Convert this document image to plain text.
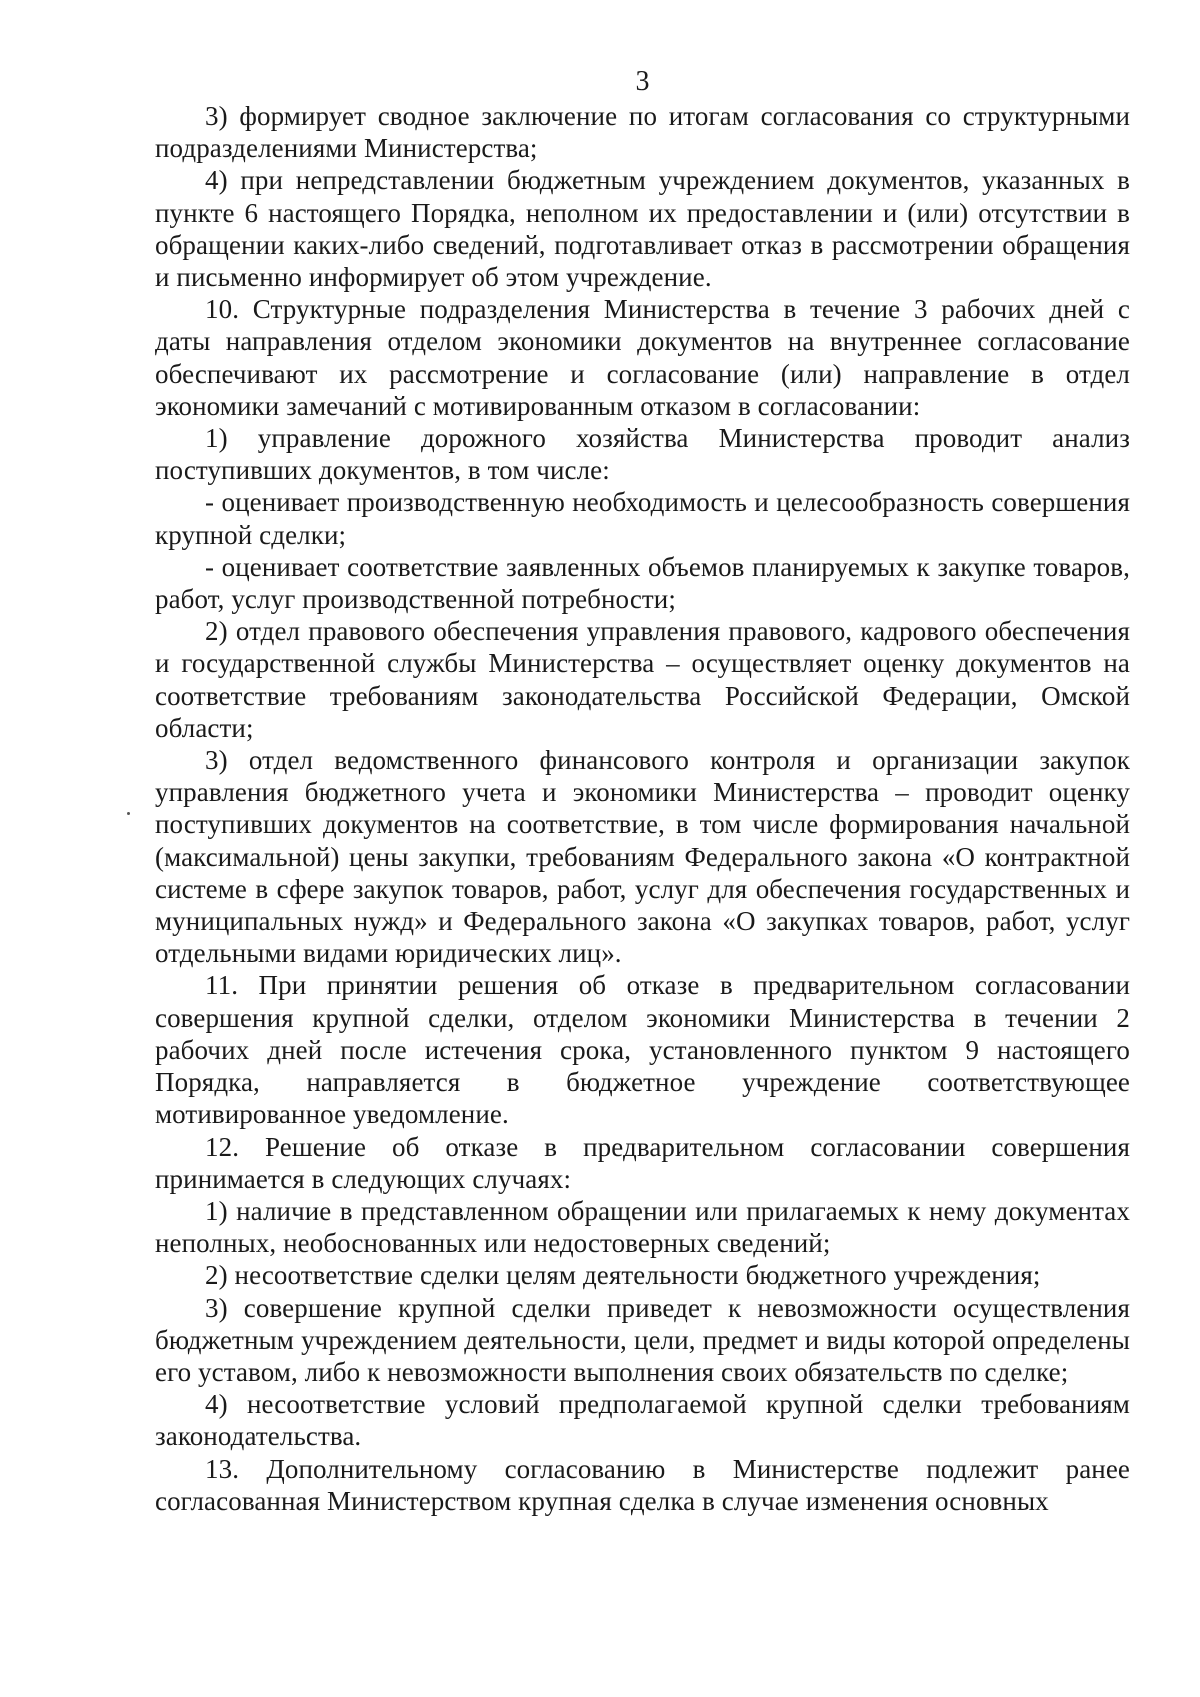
3

3) формирует сводное заключение по итогам согласования со структурными подразделениями Министерства;

4) при непредставлении бюджетным учреждением документов, указанных в пункте 6 настоящего Порядка, неполном их предоставлении и (или) отсутствии в обращении каких-либо сведений, подготавливает отказ в рассмотрении обращения и письменно информирует об этом учреждение.

10. Структурные подразделения Министерства в течение 3 рабочих дней с даты направления отделом экономики документов на внутреннее согласование обеспечивают их рассмотрение и согласование (или) направление в отдел экономики замечаний с мотивированным отказом в согласовании:

1) управление дорожного хозяйства Министерства проводит анализ поступивших документов, в том числе:

- оценивает производственную необходимость и целесообразность совершения крупной сделки;

- оценивает соответствие заявленных объемов планируемых к закупке товаров, работ, услуг производственной потребности;

2) отдел правового обеспечения управления правового, кадрового обеспечения и государственной службы Министерства – осуществляет оценку документов на соответствие требованиям законодательства Российской Федерации, Омской области;

3) отдел ведомственного финансового контроля и организации закупок управления бюджетного учета и экономики Министерства – проводит оценку поступивших документов на соответствие, в том числе формирования начальной (максимальной) цены закупки, требованиям Федерального закона «О контрактной системе в сфере закупок товаров, работ, услуг для обеспечения государственных и муниципальных нужд» и Федерального закона «О закупках товаров, работ, услуг отдельными видами юридических лиц».

11. При принятии решения об отказе в предварительном согласовании совершения крупной сделки, отделом экономики Министерства в течении 2 рабочих дней после истечения срока, установленного пунктом 9 настоящего Порядка, направляется в бюджетное учреждение соответствующее мотивированное уведомление.

12. Решение об отказе в предварительном согласовании совершения принимается в следующих случаях:

1) наличие в представленном обращении или прилагаемых к нему документах неполных, необоснованных или недостоверных сведений;

2) несоответствие сделки целям деятельности бюджетного учреждения;

3) совершение крупной сделки приведет к невозможности осуществления бюджетным учреждением деятельности, цели, предмет и виды которой определены его уставом, либо к невозможности выполнения своих обязательств по сделке;

4) несоответствие условий предполагаемой крупной сделки требованиям законодательства.

13. Дополнительному согласованию в Министерстве подлежит ранее согласованная Министерством крупная сделка в случае изменения основных
